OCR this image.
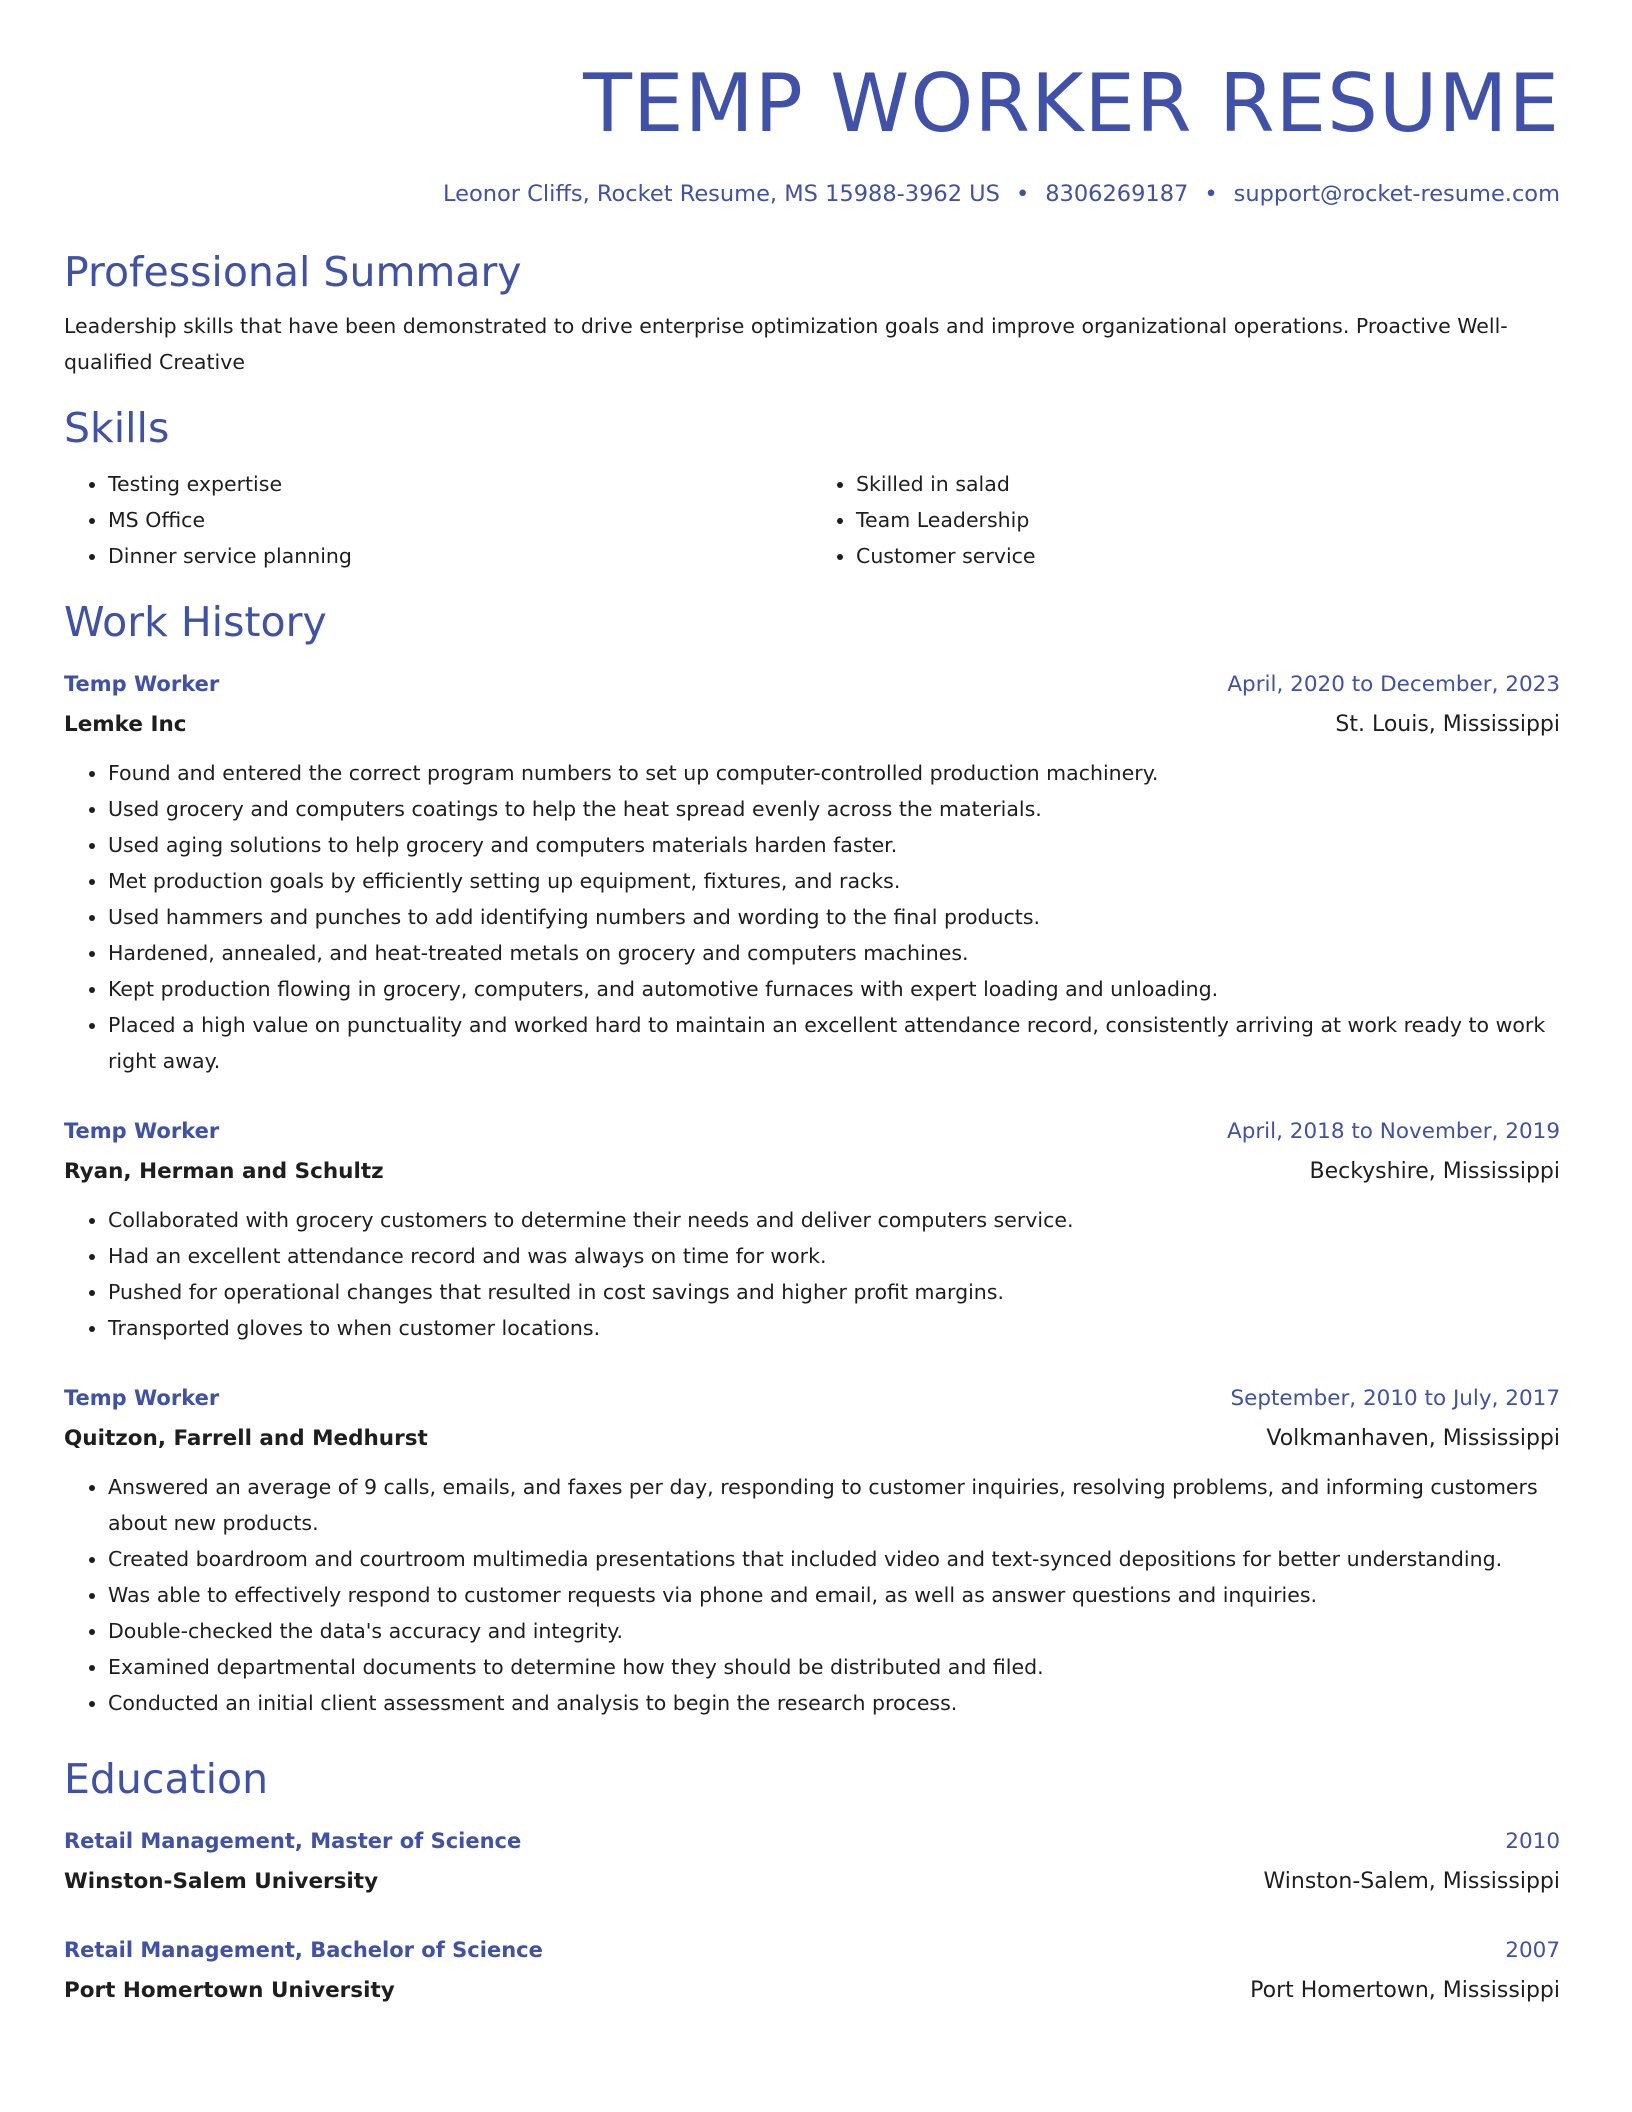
TEMP WORKER RESUME
Leonor Cliffs, Rocket Resume, MS 15988-3962 US • 8306269187 • support@rocket-resume.com
Professional Summary
Leadership skills that have been demonstrated to drive enterprise optimization goals and improve organizational operations. Proactive Well-qualified Creative
Skills
• Testing expertise
• MS Office
• Dinner service planning
• Skilled in salad
• Team Leadership
• Customer service
Work History
Temp Worker	April, 2020 to December, 2023
Lemke Inc	St. Louis, Mississippi
• Found and entered the correct program numbers to set up computer-controlled production machinery.
• Used grocery and computers coatings to help the heat spread evenly across the materials.
• Used aging solutions to help grocery and computers materials harden faster.
• Met production goals by efficiently setting up equipment, fixtures, and racks.
• Used hammers and punches to add identifying numbers and wording to the final products.
• Hardened, annealed, and heat-treated metals on grocery and computers machines.
• Kept production flowing in grocery, computers, and automotive furnaces with expert loading and unloading.
• Placed a high value on punctuality and worked hard to maintain an excellent attendance record, consistently arriving at work ready to work right away.
Temp Worker	April, 2018 to November, 2019
Ryan, Herman and Schultz	Beckyshire, Mississippi
• Collaborated with grocery customers to determine their needs and deliver computers service.
• Had an excellent attendance record and was always on time for work.
• Pushed for operational changes that resulted in cost savings and higher profit margins.
• Transported gloves to when customer locations.
Temp Worker	September, 2010 to July, 2017
Quitzon, Farrell and Medhurst	Volkmanhaven, Mississippi
• Answered an average of 9 calls, emails, and faxes per day, responding to customer inquiries, resolving problems, and informing customers about new products.
• Created boardroom and courtroom multimedia presentations that included video and text-synced depositions for better understanding.
• Was able to effectively respond to customer requests via phone and email, as well as answer questions and inquiries.
• Double-checked the data's accuracy and integrity.
• Examined departmental documents to determine how they should be distributed and filed.
• Conducted an initial client assessment and analysis to begin the research process.
Education
Retail Management, Master of Science	2010
Winston-Salem University	Winston-Salem, Mississippi
Retail Management, Bachelor of Science	2007
Port Homertown University	Port Homertown, Mississippi
